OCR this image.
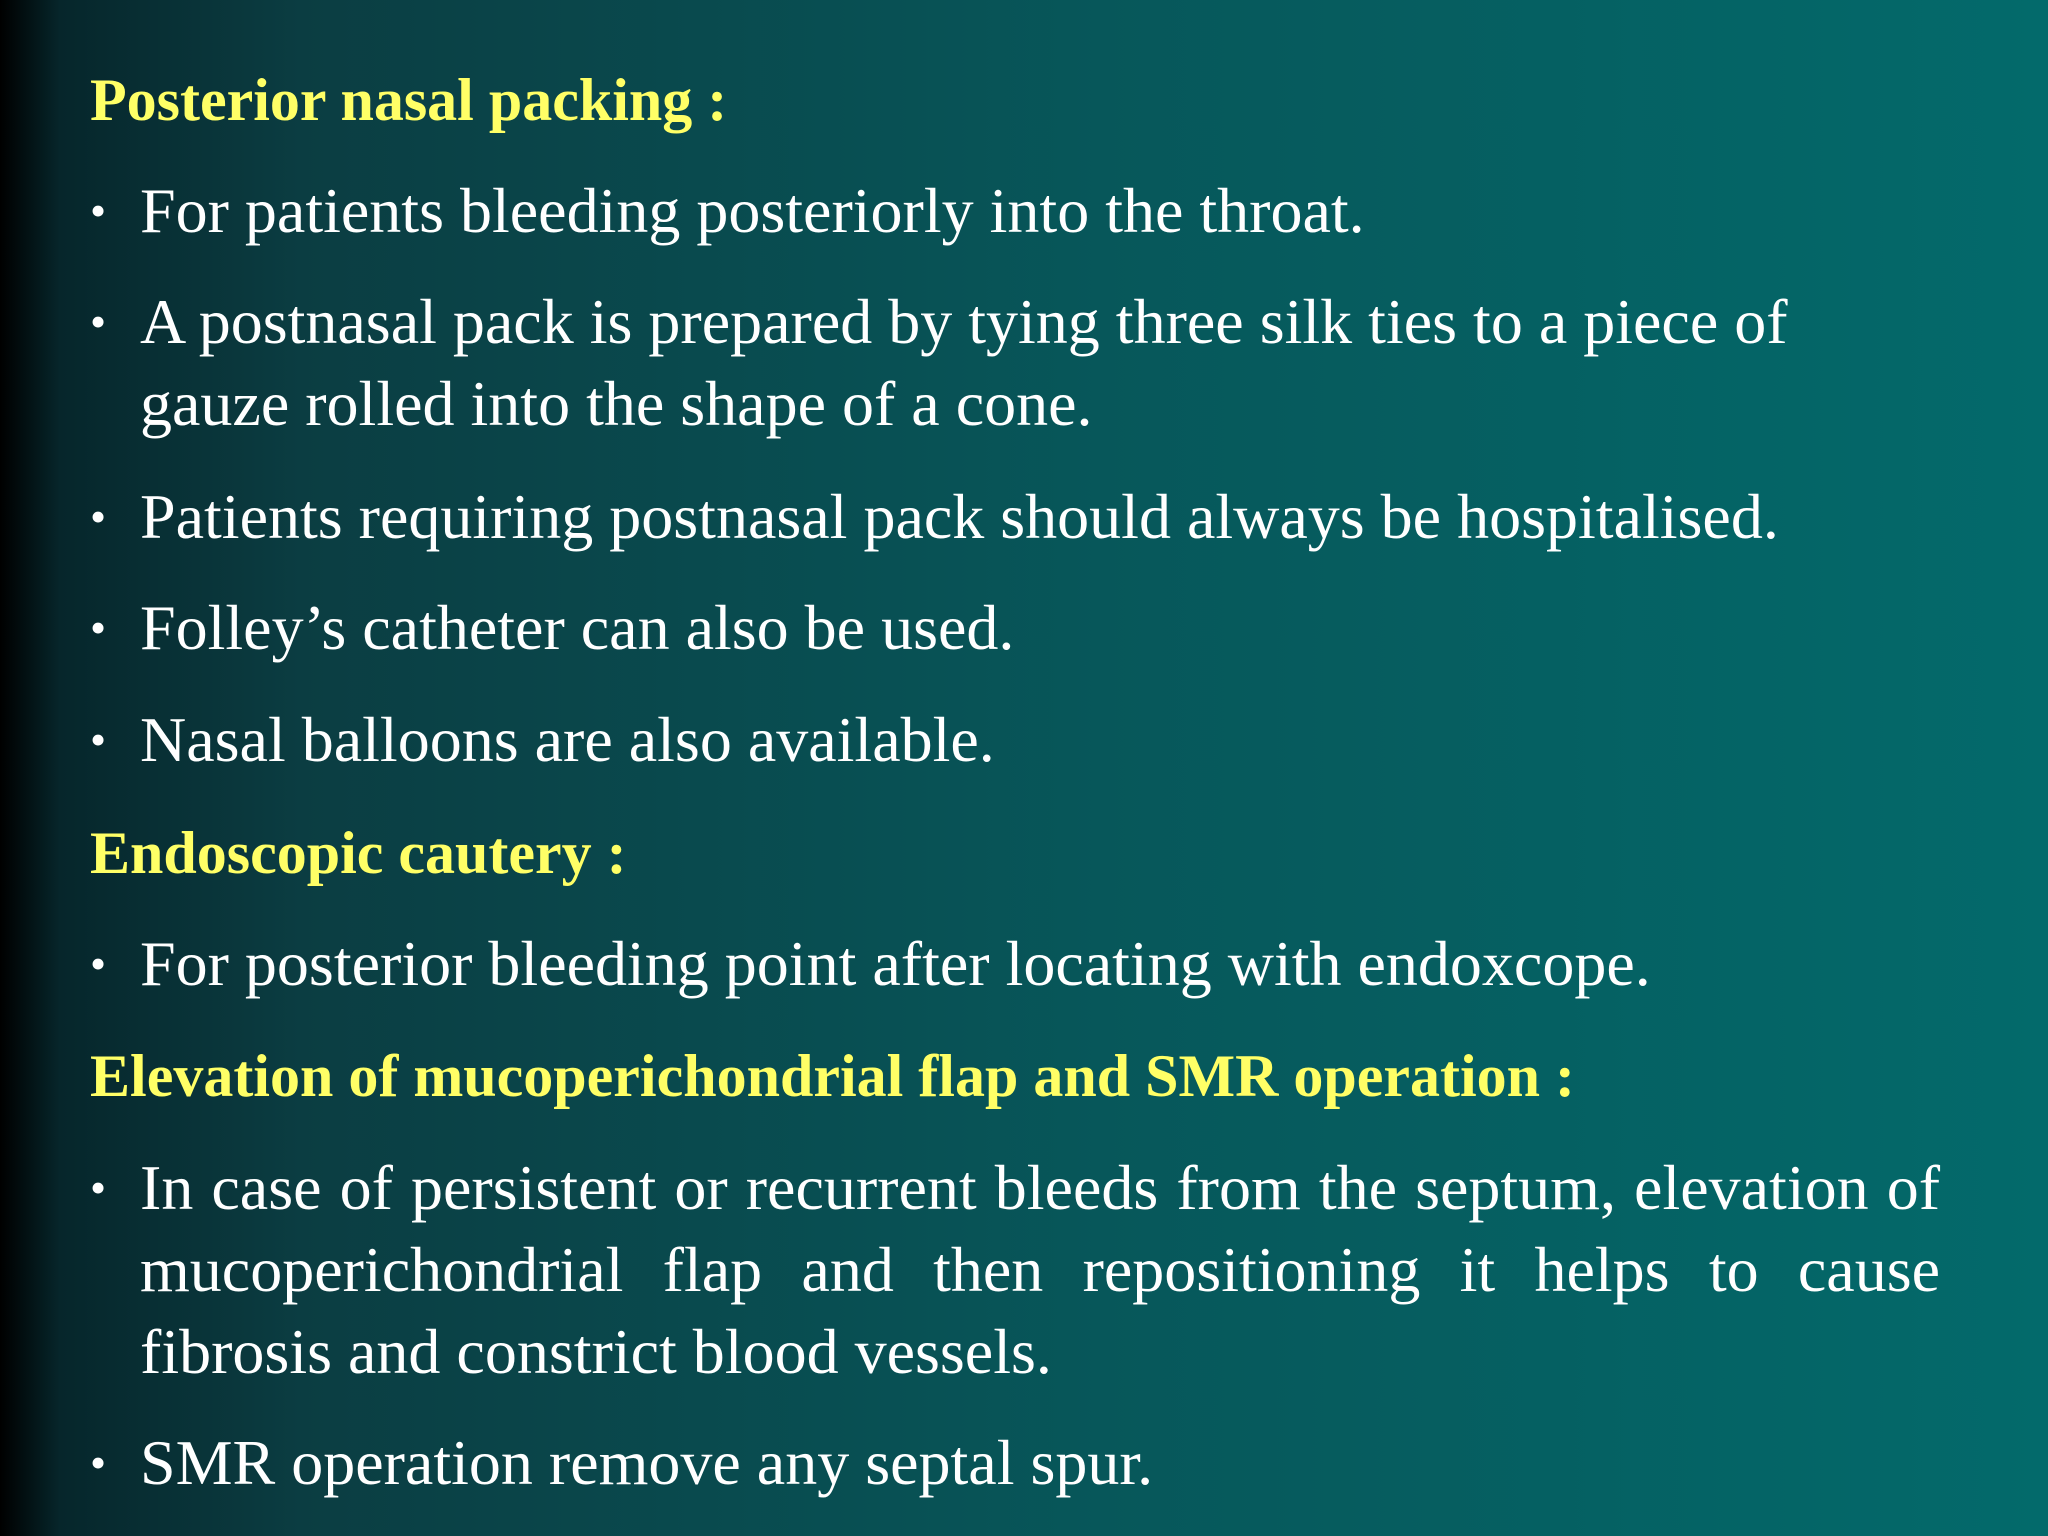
Posterior nasal packing :
• For patients bleeding posteriorly into the throat.
• A postnasal pack is prepared by tying three silk ties to a piece of gauze rolled into the shape of a cone.
• Patients requiring postnasal pack should always be hospitalised.
• Folley’s catheter can also be used.
• Nasal balloons are also available.
Endoscopic cautery :
• For posterior bleeding point after locating with endoxcope.
Elevation of mucoperichondrial flap and SMR operation :
• In case of persistent or recurrent bleeds from the septum, elevation of mucoperichondrial flap and then repositioning it helps to cause fibrosis and constrict blood vessels.
• SMR operation remove any septal spur.
